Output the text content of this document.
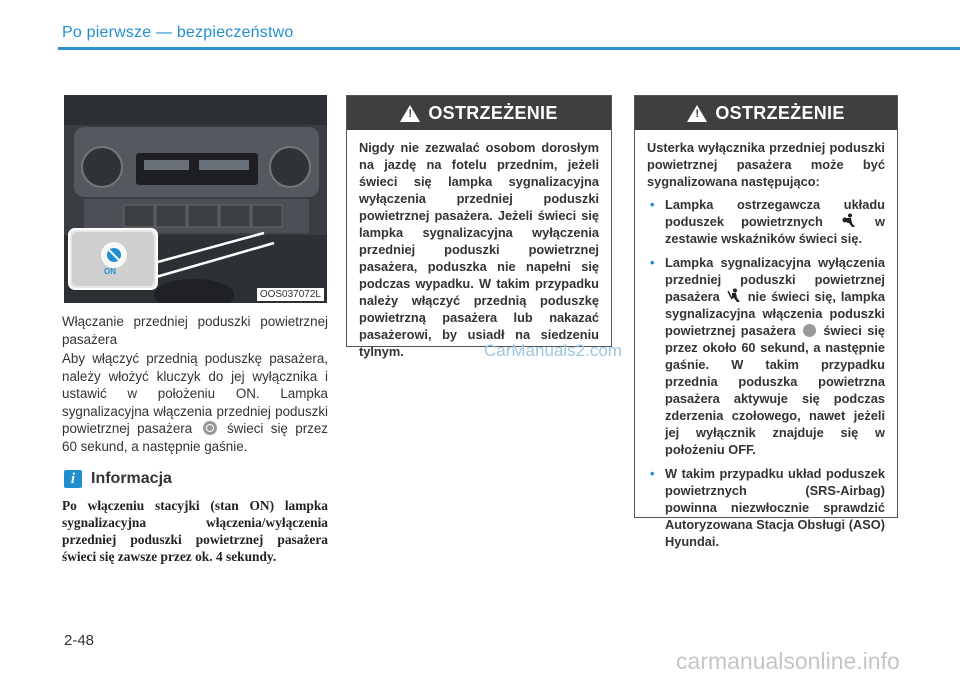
Po pierwsze — bezpieczeństwo
ON
OOS037072L
Włączanie przedniej poduszki powietrznej pasażera
Aby włączyć przednią poduszkę pasażera, należy włożyć kluczyk do jej wyłącznika i ustawić w położeniu ON. Lampka sygnalizacyjna włączenia przedniej poduszki powietrznej pasażera	świeci się przez 60 sekund, a następnie gaśnie.
i Informacja
Po włączeniu stacyjki (stan ON) lampka sygnalizacyjna włączenia/wyłączenia przedniej poduszki powietrznej pasażera świeci się zawsze przez ok. 4 sekundy.
! OSTRZEŻENIE
Nigdy nie zezwalać osobom dorosłym na jazdę na fotelu przednim, jeżeli świeci się lampka sygnalizacyjna wyłączenia przedniej poduszki powietrznej pasażera. Jeżeli świeci się lampka sygnalizacyjna wyłączenia przedniej poduszki powietrznej pasażera, poduszka nie napełni się podczas wypadku. W takim przypadku należy włączyć przednią poduszkę powietrzną pasażera lub nakazać pasażerowi, by usiadł na siedzeniu tylnym.
! OSTRZEŻENIE
Usterka wyłącznika przedniej poduszki powietrznej pasażera może być sygnalizowana następująco:
• Lampka ostrzegawcza układu poduszek powietrznych	w zestawie wskaźników świeci się.
• Lampka sygnalizacyjna wyłączenia przedniej poduszki powietrznej pasażera nie świeci się, lampka sygnalizacyjna włączenia poduszki powietrznej pasażera świeci się przez około 60 sekund, a następnie gaśnie. W takim przypadku przednia poduszka powietrzna pasażera aktywuje się podczas zderzenia czołowego, nawet jeżeli jej wyłącznik znajduje się w położeniu OFF.
• W takim przypadku układ poduszek powietrznych (SRS-Airbag) powinna niezwłocznie sprawdzić Autoryzowana Stacja Obsługi (ASO) Hyundai.
CarManuals2.com
2-48
carmanualsonline.info
